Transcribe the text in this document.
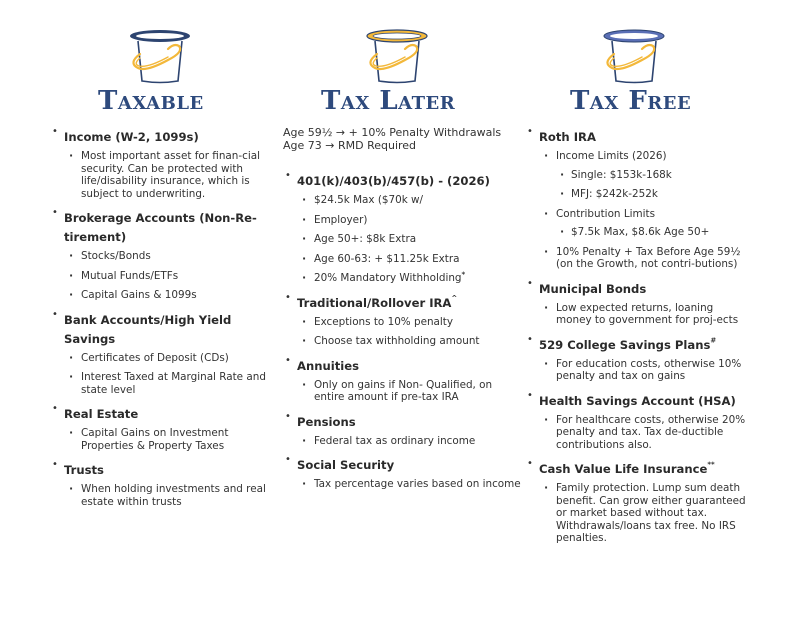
Taxable
• Income (W-2, 1099s)
· Most important asset for finan-cial security. Can be protected with life/disability insurance, which is subject to underwriting.
• Brokerage Accounts (Non-Re-tirement)
· Stocks/Bonds
· Mutual Funds/ETFs
· Capital Gains & 1099s
• Bank Accounts/High Yield Savings
· Certificates of Deposit (CDs)
· Interest Taxed at Marginal Rate and state level
• Real Estate
· Capital Gains on Investment Properties & Property Taxes
• Trusts
· When holding investments and real estate within trusts
Tax Later
Age 59½ → + 10% Penalty Withdrawals
Age 73 → RMD Required
• 401(k)/403(b)/457(b) - (2026)
· $24.5k Max ($70k w/
· Employer)
· Age 50+: $8k Extra
· Age 60-63: + $11.25k Extra
· 20% Mandatory Withholding*
• Traditional/Rollover IRA^
· Exceptions to 10% penalty
· Choose tax withholding amount
• Annuities
· Only on gains if Non- Qualified, on entire amount if pre-tax IRA
• Pensions
· Federal tax as ordinary income
• Social Security
· Tax percentage varies based on income
Tax Free
• Roth IRA
· Income Limits (2026)
· Single: $153k-168k
· MFJ: $242k-252k
· Contribution Limits
· $7.5k Max, $8.6k Age 50+
· 10% Penalty + Tax Before Age 59½ (on the Growth, not contri-butions)
• Municipal Bonds
· Low expected returns, loaning money to government for proj-ects
• 529 College Savings Plans#
· For education costs, otherwise 10% penalty and tax on gains
• Health Savings Account (HSA)
· For healthcare costs, otherwise 20% penalty and tax. Tax de-ductible contributions also.
• Cash Value Life Insurance**
· Family protection. Lump sum death benefit. Can grow either guaranteed or market based without tax. Withdrawals/loans tax free. No IRS penalties.
